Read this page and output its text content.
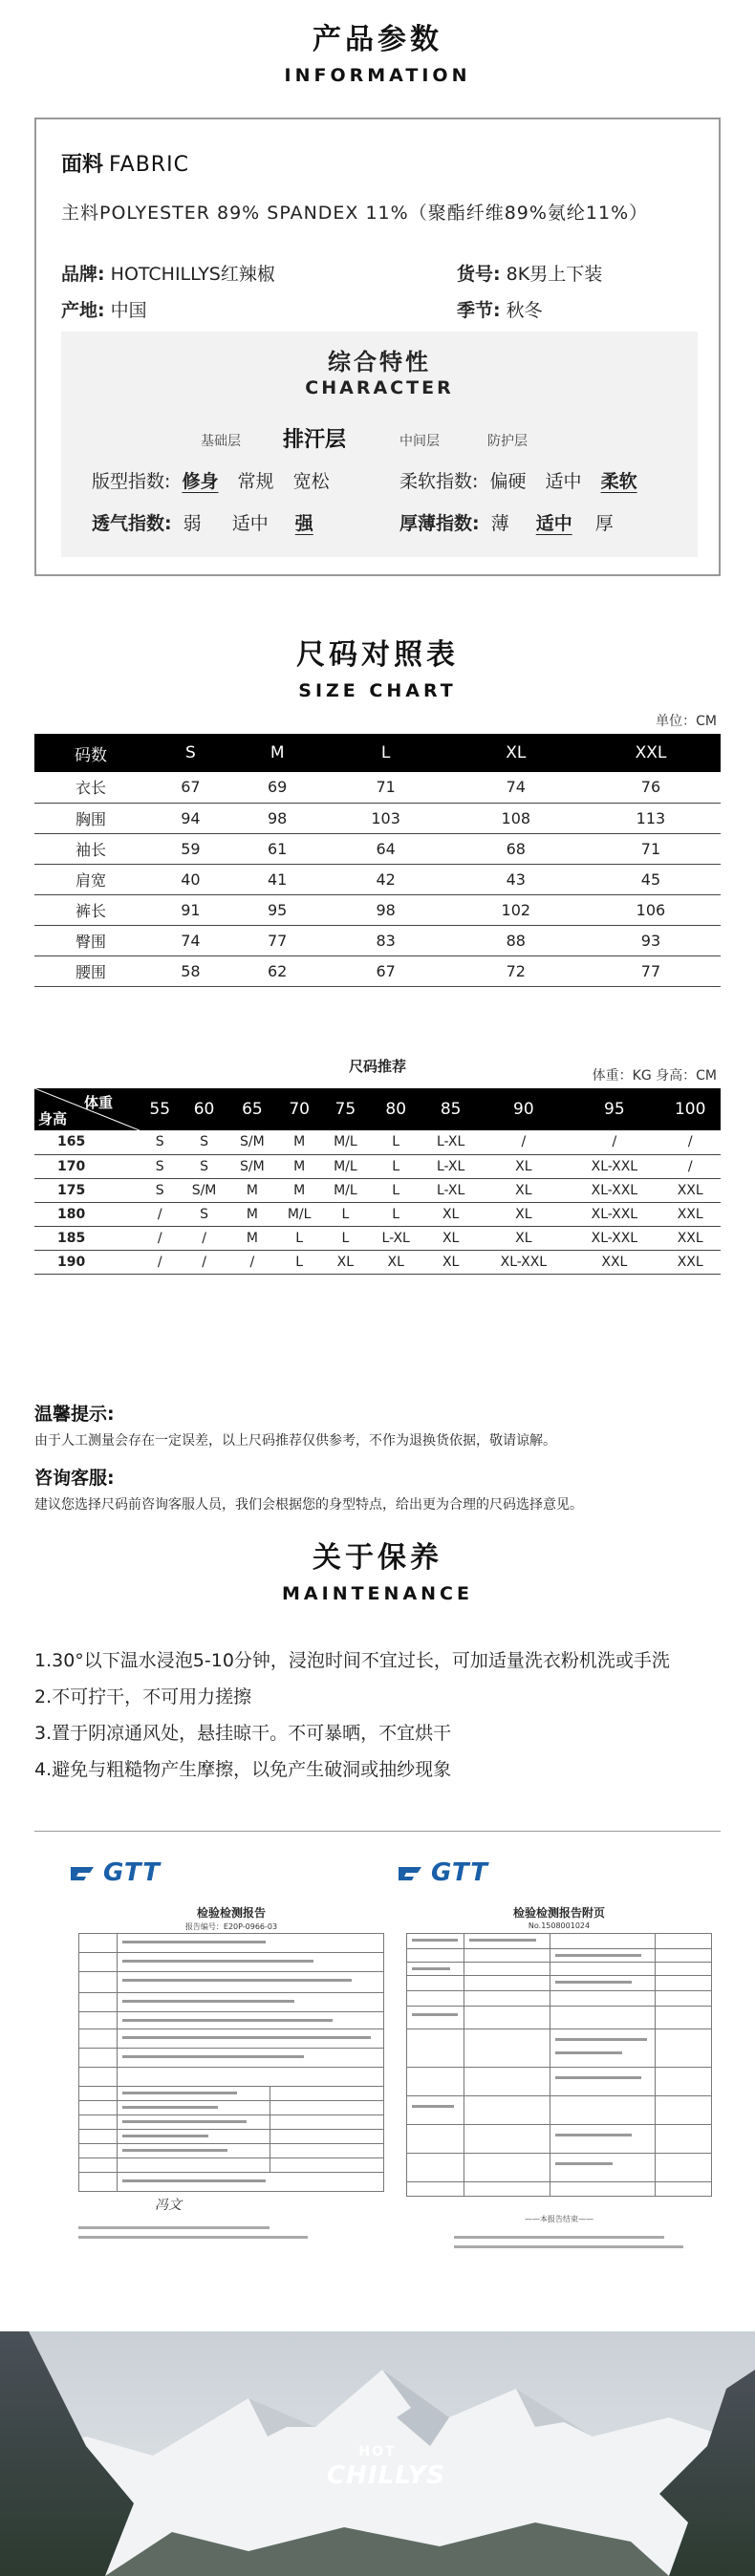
产品参数
INFORMATION
面料 FABRIC
主料POLYESTER 89% SPANDEX 11%（聚酯纤维89%氨纶11%）
品牌: HOTCHILLYS红辣椒	货号: 8K男上下装
产地: 中国	季节: 秋冬
综合特性
CHARACTER
基础层 排汗层	中间层	防护层
版型指数: 修身 常规 宽松	柔软指数: 偏硬 适中 柔软
透气指数: 弱 适中 强	厚薄指数: 薄 适中 厚
尺码对照表
SIZE CHART
单位：CM
码数	S	M	L	XL	XXL
衣长	67	69	71	74	76
胸围	94	98	103	108	113
袖长	59	61	64	68	71
肩宽	40	41	42	43	45
裤长	91	95	98	102	106
臀围	74	77	83	88	93
腰围	58	62	67	72	77
尺码推荐
体重：KG 身高：CM
体重
身高	55	60	65	70	75	80	85	90	95	100
165	S	S	S/M	M	M/L	L	L-XL	/	/	/
170	S	S	S/M	M	M/L	L	L-XL	XL	XL-XXL	/
175	S	S/M	M	M	M/L	L	L-XL	XL	XL-XXL	XXL
180	/	S	M	M/L	L	L	XL	XL	XL-XXL	XXL
185	/	/	M	L	L	L-XL	XL	XL	XL-XXL	XXL
190	/	/	/	L	XL	XL	XL	XL-XXL	XXL	XXL
温馨提示:
由于人工测量会存在一定误差，以上尺码推荐仅供参考，不作为退换货依据，敬请谅解。
咨询客服:
建议您选择尺码前咨询客服人员，我们会根据您的身型特点，给出更为合理的尺码选择意见。
关于保养
MAINTENANCE
1.30°以下温水浸泡5-10分钟，浸泡时间不宜过长，可加适量洗衣粉机洗或手洗
2.不可拧干，不可用力搓擦
3.置于阴凉通风处，悬挂晾干。不可暴晒，不宜烘干
4.避免与粗糙物产生摩擦，以免产生破洞或抽纱现象
GTT
检验检测报告
报告编号：E20P-0966-03
冯文
GTT
检验检测报告附页
No.1508001024
——本报告结束——
HOT
CHILLYS
